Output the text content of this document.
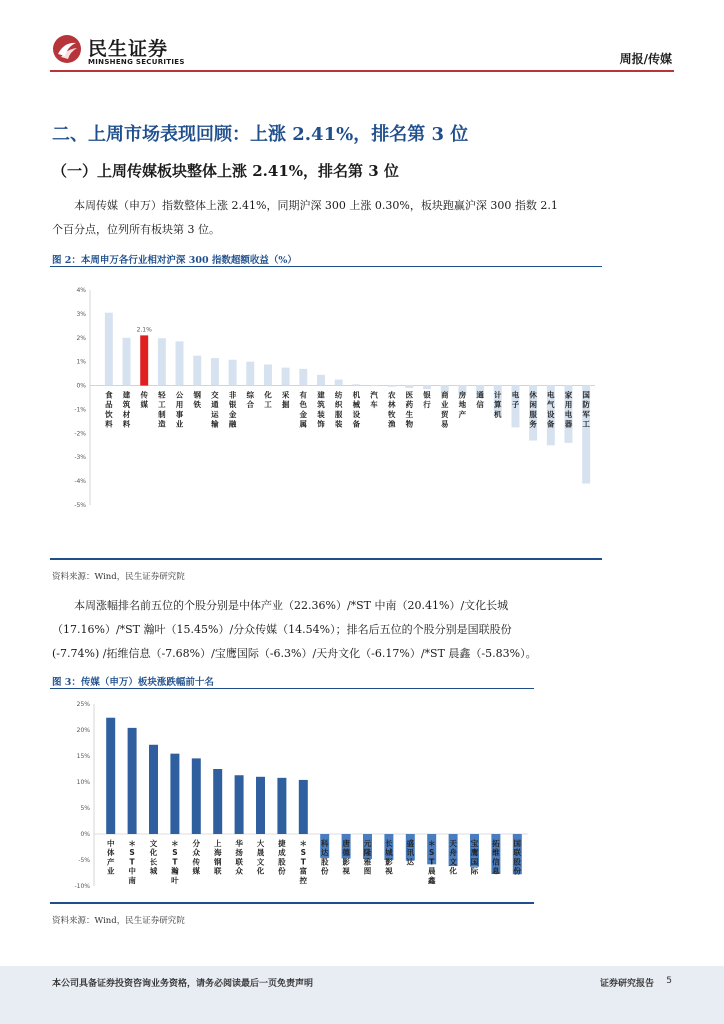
民生证券
MINSHENG SECURITIES	周报/传媒
二、上周市场表现回顾：上涨 2.41%，排名第 3 位
（一）上周传媒板块整体上涨 2.41%，排名第 3 位
本周传媒（申万）指数整体上涨 2.41%，同期沪深 300 上涨 0.30%，板块跑赢沪深 300 指数 2.1 个百分点，位列所有板块第 3 位。
图 2：本周申万各行业相对沪深 300 指数超额收益（%）
4%
3%
2%
1%
0%
-1%
-2%
-3%
-4%
-5%
食品饮料
建筑材料
2.1%
传媒
轻工制造
公用事业
钢铁
交通运输
非银金融
综合
化工
采掘
有色金属
建筑装饰
纺织服装
机械设备
汽车
农林牧渔
医药生物
银行
商业贸易
房地产
通信
计算机
电子
休闲服务
电气设备
家用电器
国防军工
资料来源：Wind，民生证券研究院
本周涨幅排名前五位的个股分别是中体产业（22.36%）/*ST 中南（20.41%）/文化长城（17.16%）/*ST 瀚叶（15.45%）/分众传媒（14.54%）；排名后五位的个股分别是国联股份 (-7.74%) /拓维信息（-7.68%）/宝鹰国际（-6.3%）/天舟文化（-6.17%）/*ST 晨鑫（-5.83%）。
图 3：传媒（申万）板块涨跌幅前十名
25%
20%
15%
10%
5%
0%
-5%
-10%
中体产业
＊ S T 中南
文化长城
＊ S T 瀚叶
分众传媒
上海钢联
华扬联众
大晟文化
捷成股份
＊ S T 富控
科达股份
唐德影视
元隆雅图
长城影视
盛讯达
＊ S T 晨鑫
天舟文化
宝鹰国际
拓维信息
国联股份
资料来源：Wind，民生证券研究院
本公司具备证券投资咨询业务资格，请务必阅读最后一页免责声明	证券研究报告 5
